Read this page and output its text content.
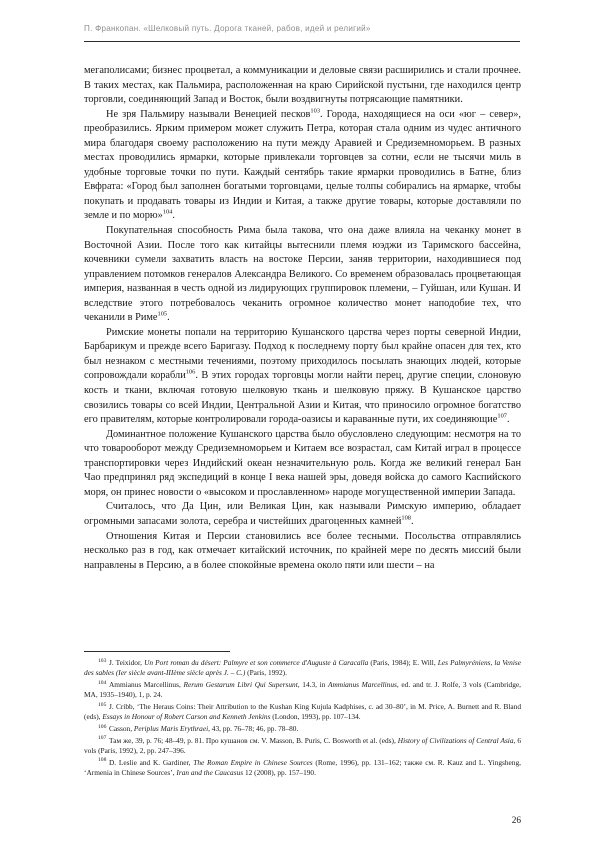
П. Франкопан. «Шелковый путь. Дорога тканей, рабов, идей и религий»

мегаполисами; бизнес процветал, а коммуникации и деловые связи расширились и стали прочнее. В таких местах, как Пальмира, расположенная на краю Сирийской пустыни, где находился центр торговли, соединяющий Запад и Восток, были воздвигнуты потрясающие памятники.

Не зря Пальмиру называли Венецией песков$^{103}$. Города, находящиеся на оси «юг – север», преобразились. Ярким примером может служить Петра, которая стала одним из чудес античного мира благодаря своему расположению на пути между Аравией и Средиземноморьем. В разных местах проводились ярмарки, которые привлекали торговцев за сотни, если не тысячи миль в удобные торговые точки по пути. Каждый сентябрь такие ярмарки проводились в Батне, близ Евфрата: «Город был заполнен богатыми торговцами, целые толпы собирались на ярмарке, чтобы покупать и продавать товары из Индии и Китая, а также другие товары, которые доставляли по земле и по морю»$^{104}$.

Покупательная способность Рима была такова, что она даже влияла на чеканку монет в Восточной Азии. После того как китайцы вытеснили племя юэджи из Таримского бассейна, кочевники сумели захватить власть на востоке Персии, заняв территории, находившиеся под управлением потомков генералов Александра Великого. Со временем образовалась процветающая империя, названная в честь одной из лидирующих группировок племени, – Гуйшан, или Кушан. И вследствие этого потребовалось чеканить огромное количество монет наподобие тех, что чеканили в Риме$^{105}$.

Римские монеты попали на территорию Кушанского царства через порты северной Индии, Барбарикум и прежде всего Баригазу. Подход к последнему порту был крайне опасен для тех, кто был незнаком с местными течениями, поэтому приходилось посылать знающих людей, которые сопровождали корабли$^{106}$. В этих городах торговцы могли найти перец, другие специи, слоновую кость и ткани, включая готовую шелковую ткань и шелковую пряжу. В Кушанское царство свозились товары со всей Индии, Центральной Азии и Китая, что приносило огромное богатство его правителям, которые контролировали города-оазисы и караванные пути, их соединяющие$^{107}$.

Доминантное положение Кушанского царства было обусловлено следующим: несмотря на то что товарооборот между Средиземноморьем и Китаем все возрастал, сам Китай играл в процессе транспортировки через Индийский океан незначительную роль. Когда же великий генерал Бан Чао предпринял ряд экспедиций в конце I века нашей эры, доведя войска до самого Каспийского моря, он принес новости о «высоком и прославленном» народе могущественной империи Запада.

Считалось, что Да Цин, или Великая Цин, как называли Римскую империю, обладает огромными запасами золота, серебра и чистейших драгоценных камней$^{108}$.

Отношения Китая и Персии становились все более тесными. Посольства отправлялись несколько раз в год, как отмечает китайский источник, по крайней мере по десять миссий были направлены в Персию, а в более спокойные времена около пяти или шести – на

$^{103}$ J. Teixidor, Un Port roman du désert: Palmyre et son commerce d'Auguste à Caracalla (Paris, 1984); E. Will, Les Palmyréniens, la Venise des sables (Ier siècle avant-IIIème siècle après J. – C.) (Paris, 1992).

$^{104}$ Ammianus Marcellinus, Rerum Gestarum Libri Qui Supersunt, 14.3, in Ammianus Marcellinus, ed. and tr. J. Rolfe, 3 vols (Cambridge, MA, 1935–1940), 1, p. 24.

$^{105}$ J. Cribb, ‘The Heraus Coins: Their Attribution to the Kushan King Kujula Kadphises, c. ad 30–80’, in M. Price, A. Burnett and R. Bland (eds), Essays in Honour of Robert Carson and Kenneth Jenkins (London, 1993), pp. 107–134.

$^{106}$ Casson, Periplus Maris Erythraei, 43, pp. 76–78; 46, pp. 78–80.

$^{107}$ Там же, 39, p. 76; 48–49, p. 81. Про кушанов см. V. Masson, B. Puris, C. Bosworth et al. (eds), History of Civilizations of Central Asia, 6 vols (Paris, 1992), 2, pp. 247–396.

$^{108}$ D. Leslie and K. Gardiner, The Roman Empire in Chinese Sources (Rome, 1996), pp. 131–162; также см. R. Kauz and L. Yingsheng, ‘Armenia in Chinese Sources’, Iran and the Caucasus 12 (2008), pp. 157–190.

26
